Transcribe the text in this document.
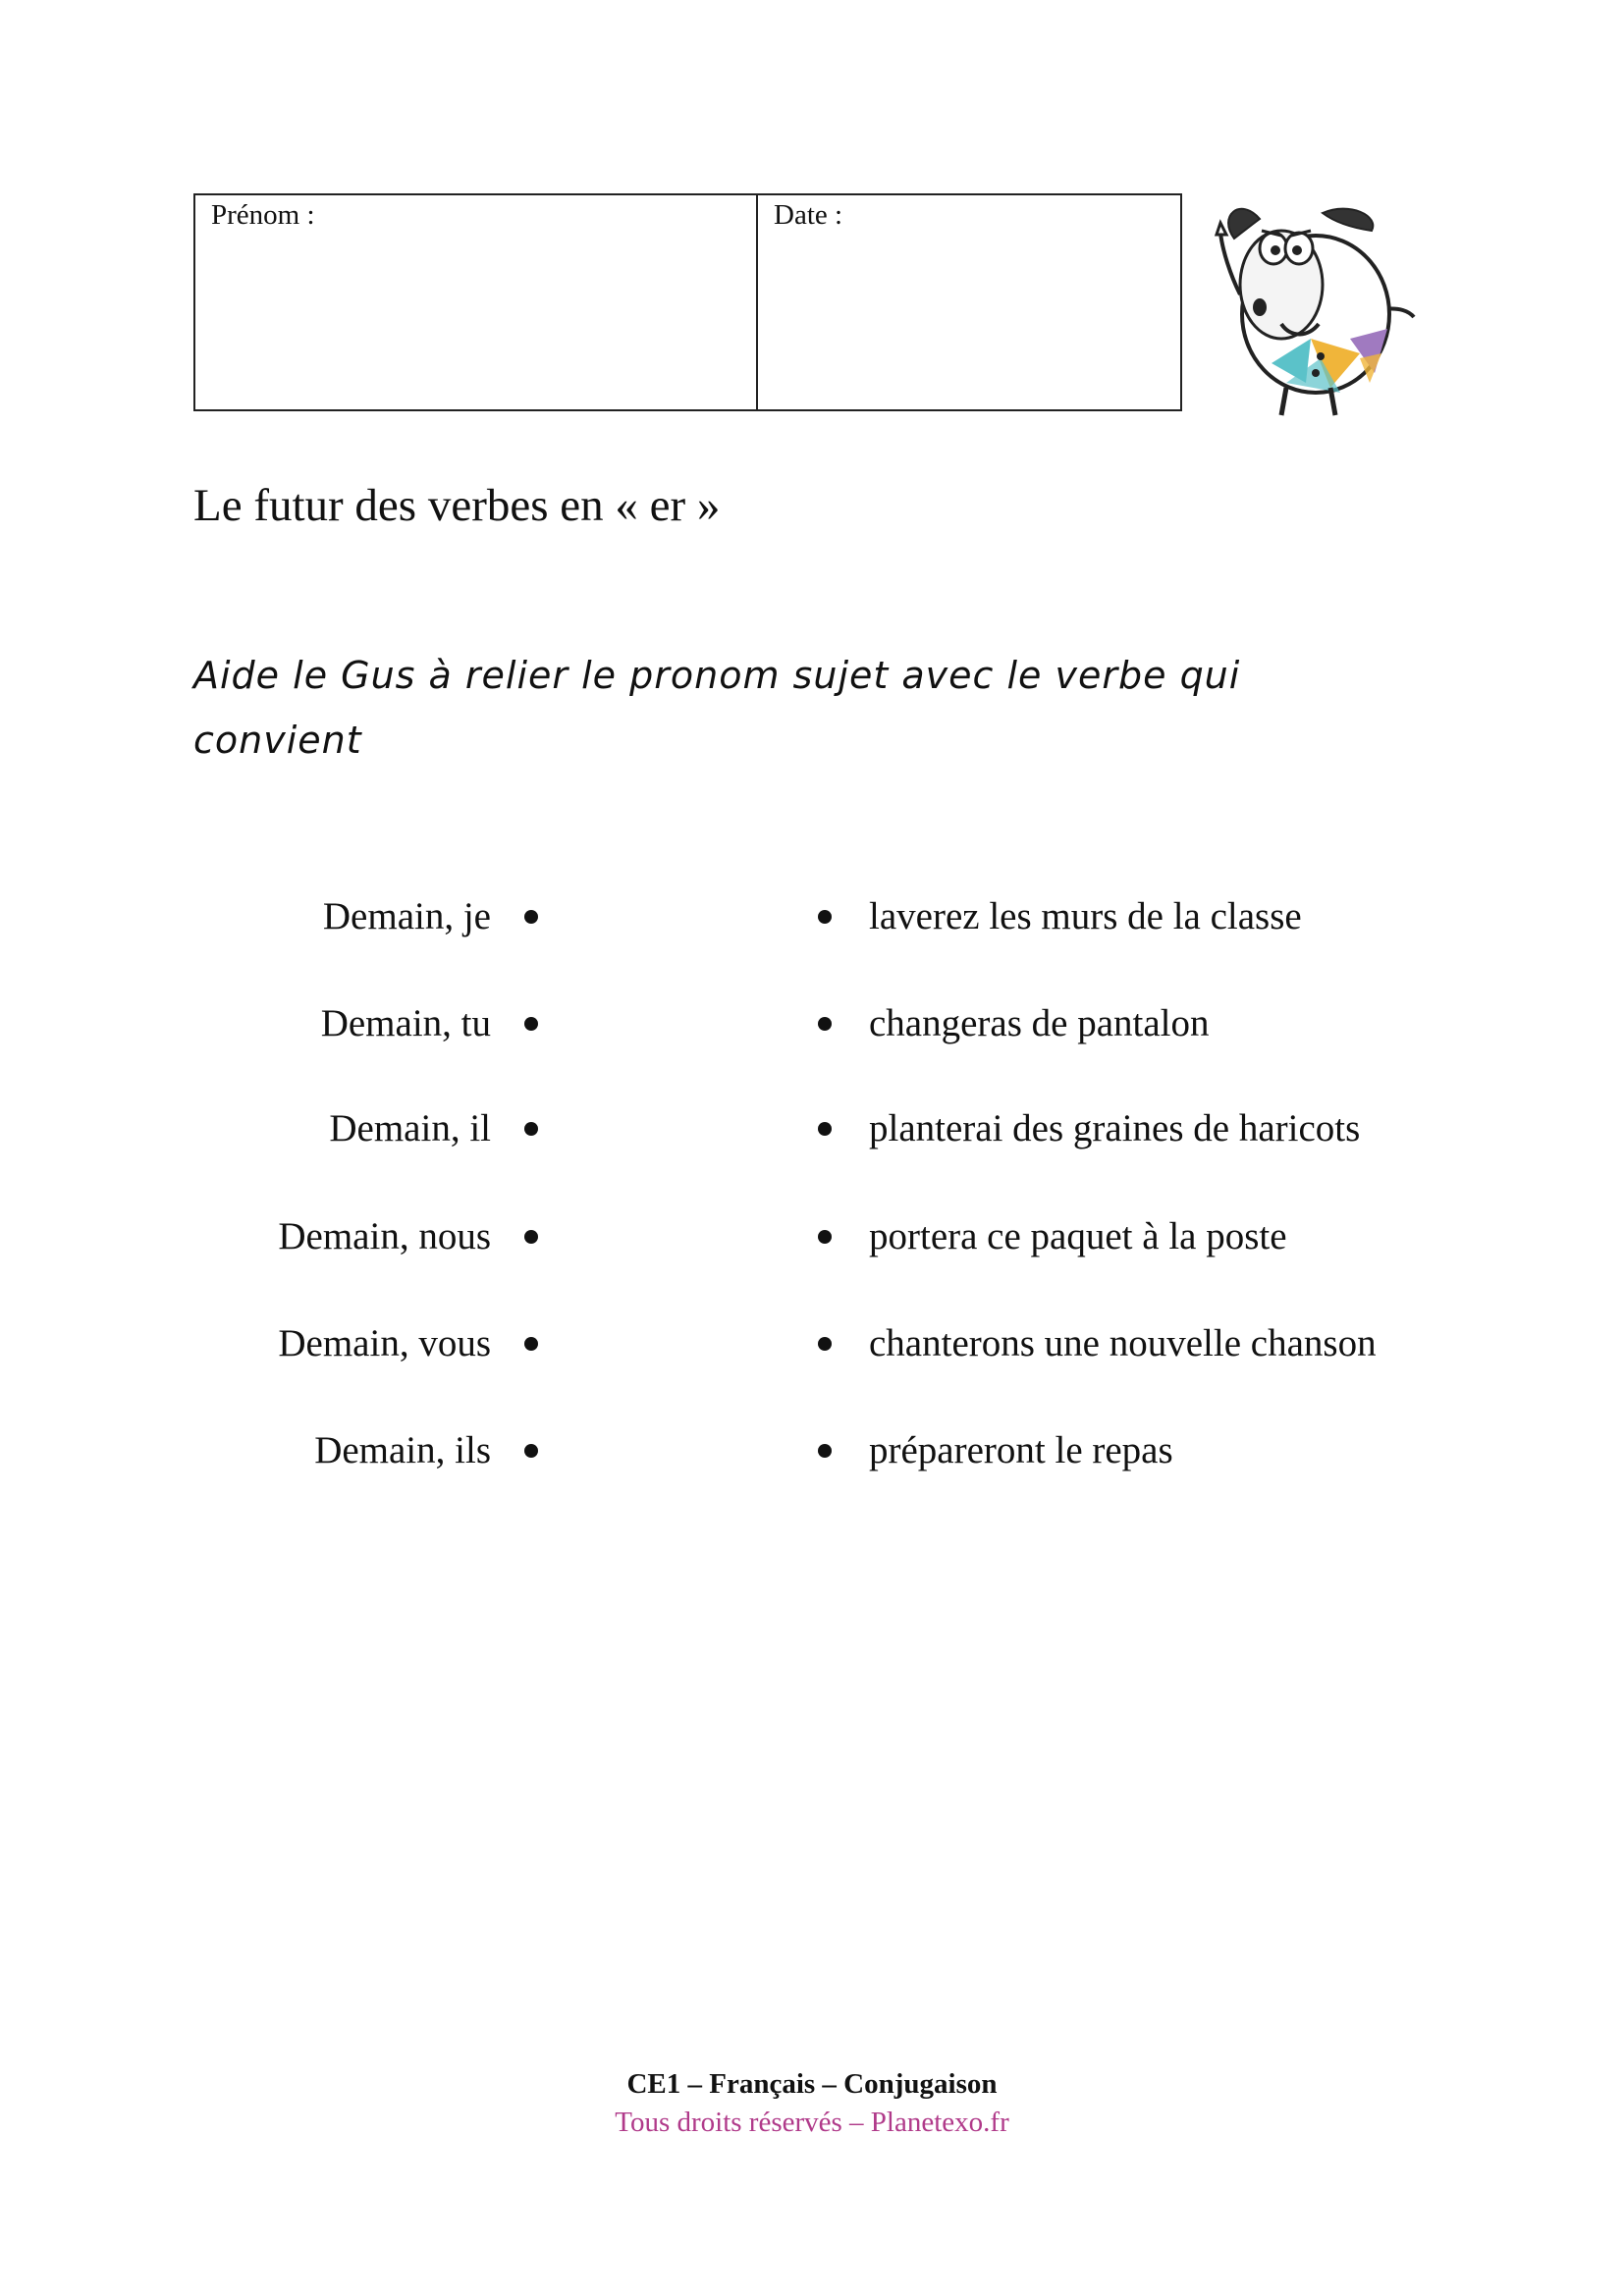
Prénom :	Date :
Le futur des verbes en « er »
Aide le Gus à relier le pronom sujet avec le verbe qui convient
Demain, je	laverez les murs de la classe
Demain, tu	changeras de pantalon
Demain, il	planterai des graines de haricots
Demain, nous	portera ce paquet à la poste
Demain, vous	chanterons une nouvelle chanson
Demain, ils	prépareront le repas
CE1 – Français – Conjugaison
Tous droits réservés – Planetexo.fr
